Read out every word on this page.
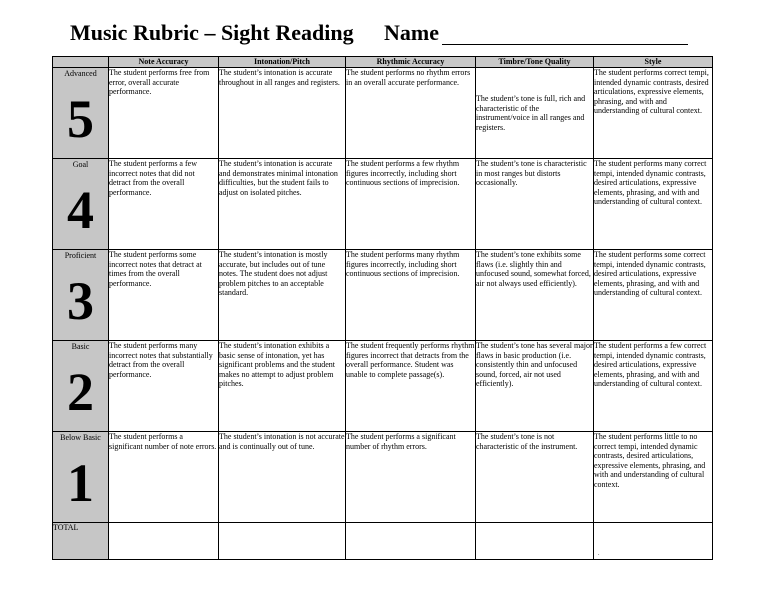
Music Rubric – Sight Reading Name
	Note Accuracy	Intonation/Pitch	Rhythmic Accuracy	Timbre/Tone Quality	Style

Advanced
5	The student performs free from error, overall accurate performance.	The student’s intonation is accurate throughout in all ranges and registers.	The student performs no rhythm errors in an overall accurate performance.	The student’s tone is full, rich and characteristic of the instrument/voice in all ranges and registers.	The student performs correct tempi, intended dynamic contrasts, desired articulations, expressive elements, phrasing, and with and understanding of cultural context.

Goal
4	The student performs a few incorrect notes that did not detract from the overall performance.	The student’s intonation is accurate and demonstrates minimal intonation difficulties, but the student fails to adjust on isolated pitches.	The student performs a few rhythm figures incorrectly, including short continuous sections of imprecision.	The student’s tone is characteristic in most ranges but distorts occasionally.	The student performs many correct tempi, intended dynamic contrasts, desired articulations, expressive elements, phrasing, and with and understanding of cultural context.

Proficient
3	The student performs some incorrect notes that detract at times from the overall performance.	The student’s intonation is mostly accurate, but includes out of tune notes. The student does not adjust problem pitches to an acceptable standard.	The student performs many rhythm figures incorrectly, including short continuous sections of imprecision.	The student’s tone exhibits some flaws (i.e. slightly thin and unfocused sound, somewhat forced, air not always used efficiently).	The student performs some correct tempi, intended dynamic contrasts, desired articulations, expressive elements, phrasing, and with and understanding of cultural context.

Basic
2	The student performs many incorrect notes that substantially detract from the overall performance.	The student’s intonation exhibits a basic sense of intonation, yet has significant problems and the student makes no attempt to adjust problem pitches.	The student frequently performs rhythm figures incorrect that detracts from the overall performance. Student was unable to complete passage(s).	The student’s tone has several major flaws in basic production (i.e. consistently thin and unfocused sound, forced, air not used efficiently).	The student performs a few correct tempi, intended dynamic contrasts, desired articulations, expressive elements, phrasing, and with and understanding of cultural context.

Below Basic
1	The student performs a significant number of note errors.	The student’s intonation is not accurate and is continually out of tune.	The student performs a significant number of rhythm errors.	The student’s tone is not characteristic of the instrument.	The student performs little to no correct tempi, intended dynamic contrasts, desired articulations, expressive elements, phrasing, and with and understanding of cultural context.
TOTAL					.
